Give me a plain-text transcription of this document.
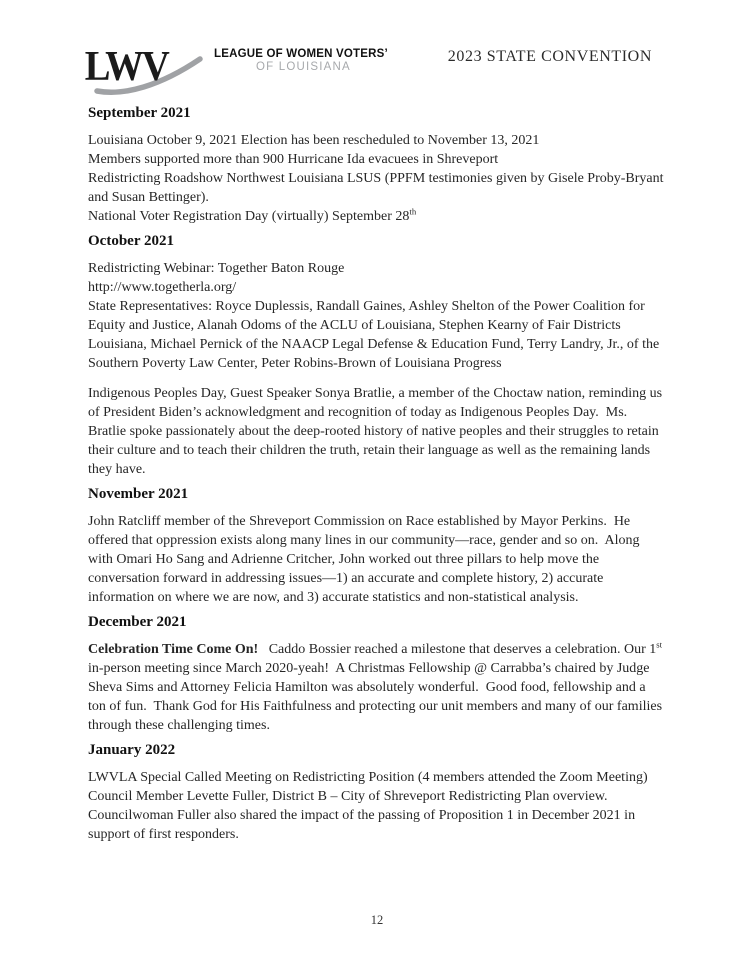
LWV	LEAGUE OF WOMEN VOTERS’
OF LOUISIANA
2023 STATE CONVENTION
September 2021
Louisiana October 9, 2021 Election has been rescheduled to November 13, 2021
Members supported more than 900 Hurricane Ida evacuees in Shreveport
Redistricting Roadshow Northwest Louisiana LSUS (PPFM testimonies given by Gisele Proby-Bryant and Susan Bettinger).
National Voter Registration Day (virtually) September 28th
October 2021
Redistricting Webinar: Together Baton Rouge
http://www.togetherla.org/
State Representatives: Royce Duplessis, Randall Gaines, Ashley Shelton of the Power Coalition for Equity and Justice, Alanah Odoms of the ACLU of Louisiana, Stephen Kearny of Fair Districts Louisiana, Michael Pernick of the NAACP Legal Defense & Education Fund, Terry Landry, Jr., of the Southern Poverty Law Center, Peter Robins-Brown of Louisiana Progress
Indigenous Peoples Day, Guest Speaker Sonya Bratlie, a member of the Choctaw nation, reminding us of President Biden’s acknowledgment and recognition of today as Indigenous Peoples Day.  Ms. Bratlie spoke passionately about the deep-rooted history of native peoples and their struggles to retain their culture and to teach their children the truth, retain their language as well as the remaining lands they have.
November 2021
John Ratcliff member of the Shreveport Commission on Race established by Mayor Perkins.  He offered that oppression exists along many lines in our community—race, gender and so on.  Along with Omari Ho Sang and Adrienne Critcher, John worked out three pillars to help move the conversation forward in addressing issues—1) an accurate and complete history, 2) accurate information on where we are now, and 3) accurate statistics and non-statistical analysis.
December 2021
Celebration Time Come On!   Caddo Bossier reached a milestone that deserves a celebration. Our 1st in-person meeting since March 2020-yeah!  A Christmas Fellowship @ Carrabba’s chaired by Judge Sheva Sims and Attorney Felicia Hamilton was absolutely wonderful.  Good food, fellowship and a ton of fun.  Thank God for His Faithfulness and protecting our unit members and many of our families through these challenging times.
January 2022
LWVLA Special Called Meeting on Redistricting Position (4 members attended the Zoom Meeting)
Council Member Levette Fuller, District B – City of Shreveport Redistricting Plan overview.
Councilwoman Fuller also shared the impact of the passing of Proposition 1 in December 2021 in support of first responders.
12
